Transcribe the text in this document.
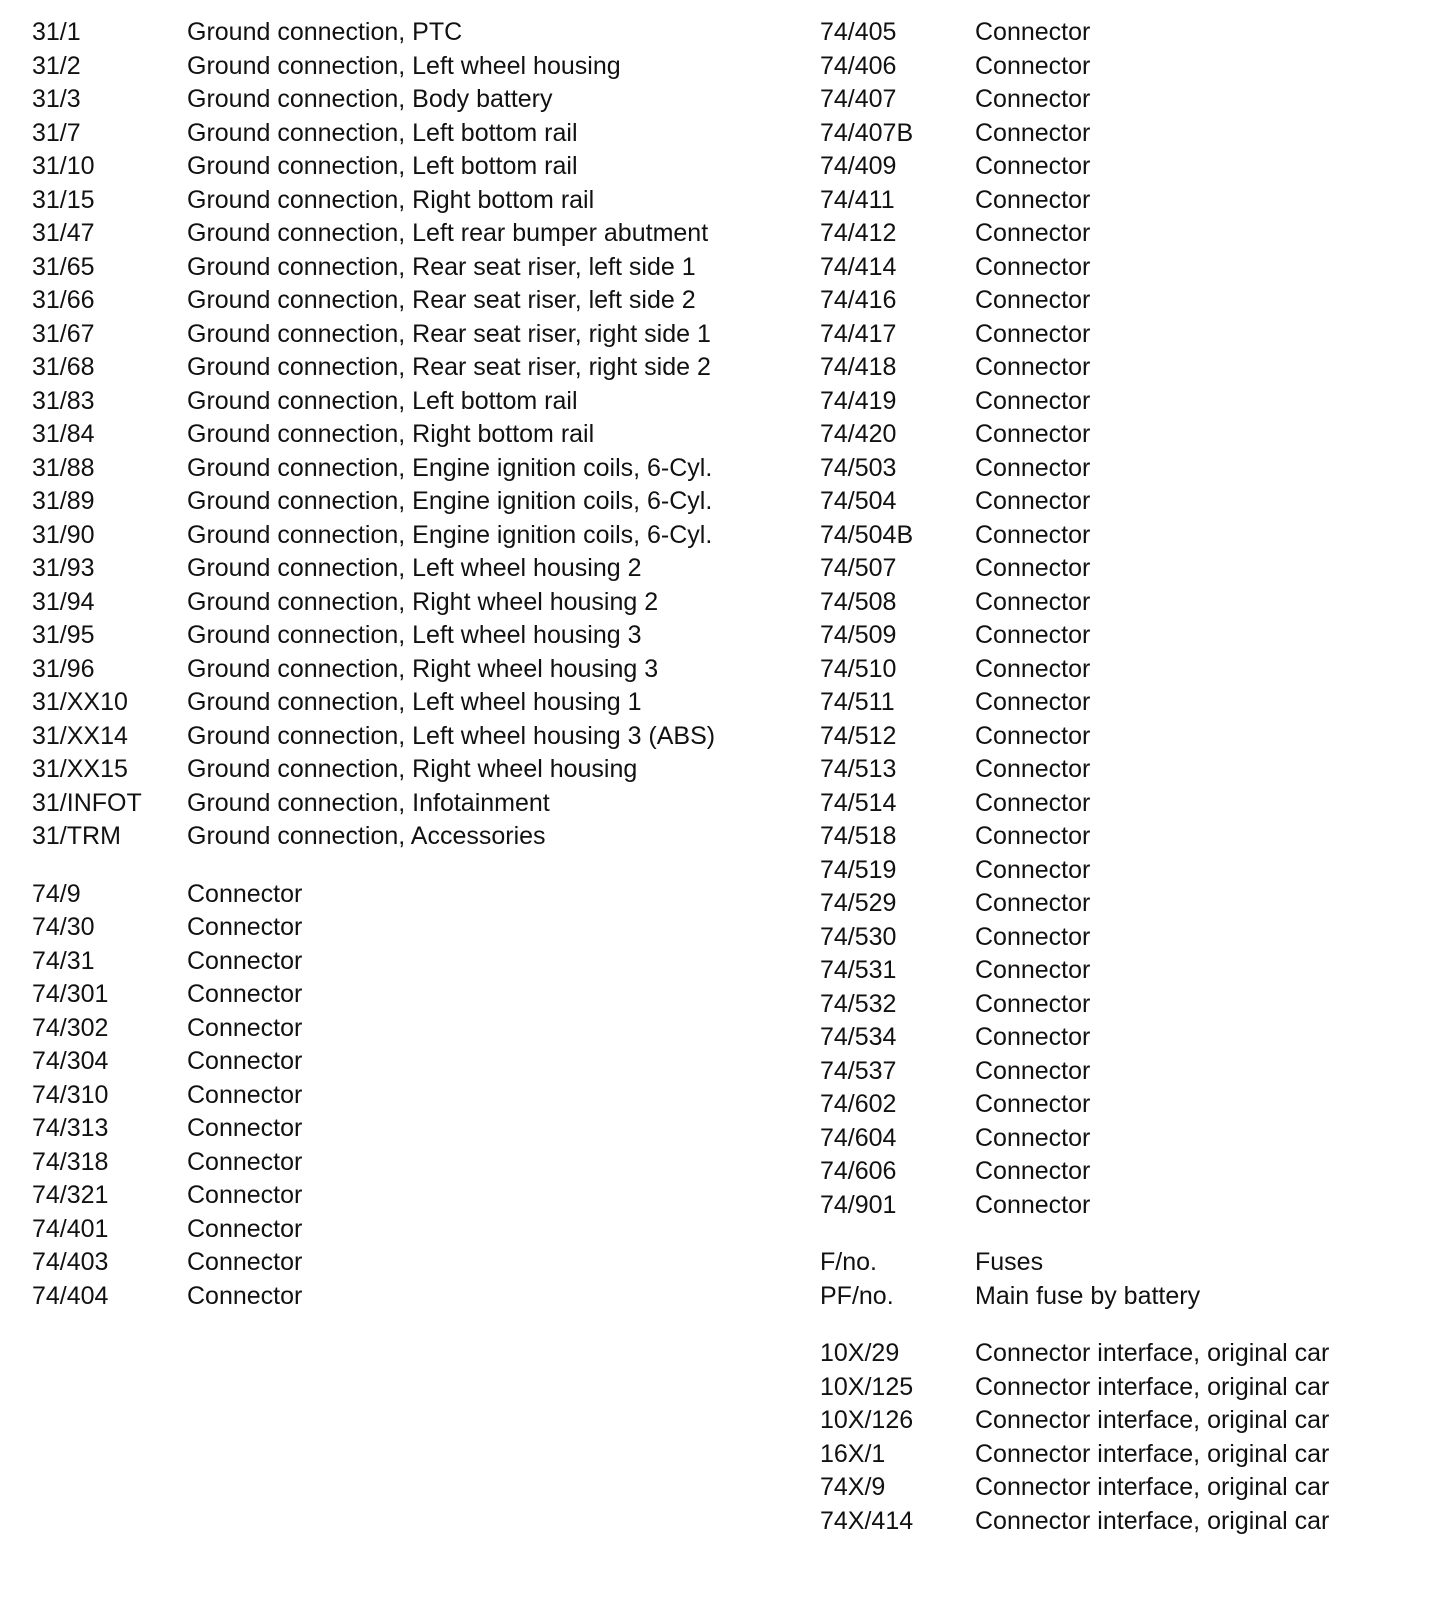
31/1	Ground connection, PTC
31/2	Ground connection, Left wheel housing
31/3	Ground connection, Body battery
31/7	Ground connection, Left bottom rail
31/10	Ground connection, Left bottom rail
31/15	Ground connection, Right bottom rail
31/47	Ground connection, Left rear bumper abutment
31/65	Ground connection, Rear seat riser, left side 1
31/66	Ground connection, Rear seat riser, left side 2
31/67	Ground connection, Rear seat riser, right side 1
31/68	Ground connection, Rear seat riser, right side 2
31/83	Ground connection, Left bottom rail
31/84	Ground connection, Right bottom rail
31/88	Ground connection, Engine ignition coils, 6-Cyl.
31/89	Ground connection, Engine ignition coils, 6-Cyl.
31/90	Ground connection, Engine ignition coils, 6-Cyl.
31/93	Ground connection, Left wheel housing 2
31/94	Ground connection, Right wheel housing 2
31/95	Ground connection, Left wheel housing 3
31/96	Ground connection, Right wheel housing 3
31/XX10	Ground connection, Left wheel housing 1
31/XX14	Ground connection, Left wheel housing 3 (ABS)
31/XX15	Ground connection, Right wheel housing
31/INFOT	Ground connection, Infotainment
31/TRM	Ground connection, Accessories
74/9	Connector
74/30	Connector
74/31	Connector
74/301	Connector
74/302	Connector
74/304	Connector
74/310	Connector
74/313	Connector
74/318	Connector
74/321	Connector
74/401	Connector
74/403	Connector
74/404	Connector
74/405	Connector
74/406	Connector
74/407	Connector
74/407B	Connector
74/409	Connector
74/411	Connector
74/412	Connector
74/414	Connector
74/416	Connector
74/417	Connector
74/418	Connector
74/419	Connector
74/420	Connector
74/503	Connector
74/504	Connector
74/504B	Connector
74/507	Connector
74/508	Connector
74/509	Connector
74/510	Connector
74/511	Connector
74/512	Connector
74/513	Connector
74/514	Connector
74/518	Connector
74/519	Connector
74/529	Connector
74/530	Connector
74/531	Connector
74/532	Connector
74/534	Connector
74/537	Connector
74/602	Connector
74/604	Connector
74/606	Connector
74/901	Connector
F/no.	Fuses
PF/no.	Main fuse by battery
10X/29	Connector interface, original car
10X/125	Connector interface, original car
10X/126	Connector interface, original car
16X/1	Connector interface, original car
74X/9	Connector interface, original car
74X/414	Connector interface, original car
